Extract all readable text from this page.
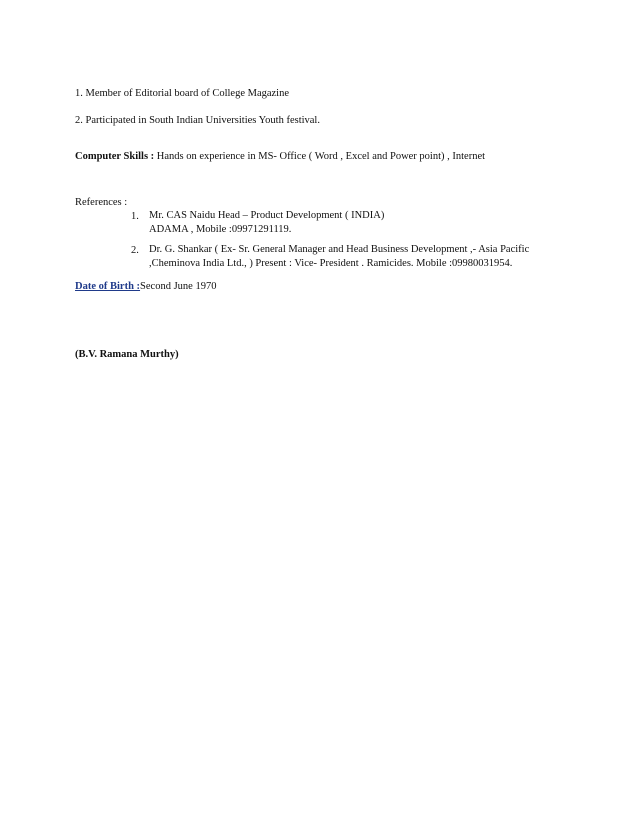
1. Member of Editorial board of College Magazine
2. Participated in South Indian Universities Youth festival.
Computer Skills : Hands on experience in MS- Office ( Word , Excel and Power point) , Internet
References :
1. Mr. CAS Naidu Head – Product Development ( INDIA)
ADAMA , Mobile :09971291119.
2. Dr. G. Shankar ( Ex- Sr. General Manager and Head Business Development ,- Asia Pacific
,Cheminova India Ltd., ) Present : Vice- President . Ramicides. Mobile :09980031954.
Date of Birth :Second June 1970
(B.V. Ramana Murthy)
